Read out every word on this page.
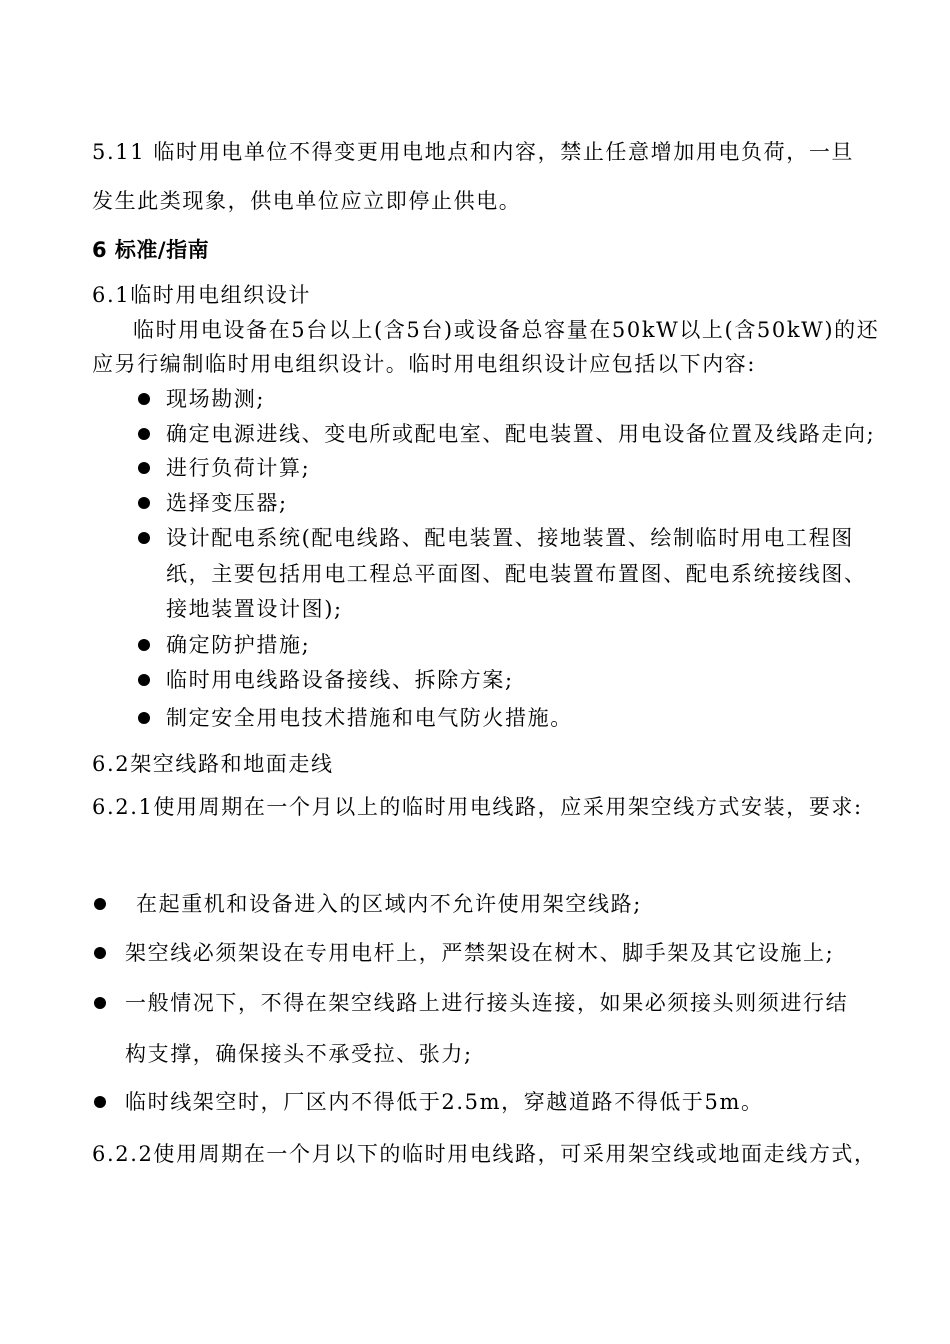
5.11 临时用电单位不得变更用电地点和内容，禁止任意增加用电负荷，一旦
发生此类现象，供电单位应立即停止供电。
6 标准/指南
6.1临时用电组织设计
临时用电设备在5台以上(含5台)或设备总容量在50kW以上(含50kW)的还
应另行编制临时用电组织设计。临时用电组织设计应包括以下内容:
现场勘测;
确定电源进线、变电所或配电室、配电装置、用电设备位置及线路走向;
进行负荷计算;
选择变压器;
设计配电系统(配电线路、配电装置、接地装置、绘制临时用电工程图
纸，主要包括用电工程总平面图、配电装置布置图、配电系统接线图、
接地装置设计图);
确定防护措施;
临时用电线路设备接线、拆除方案;
制定安全用电技术措施和电气防火措施。
6.2架空线路和地面走线
6.2.1使用周期在一个月以上的临时用电线路，应采用架空线方式安装，要求:
在起重机和设备进入的区域内不允许使用架空线路;
架空线必须架设在专用电杆上，严禁架设在树木、脚手架及其它设施上;
一般情况下，不得在架空线路上进行接头连接，如果必须接头则须进行结
构支撑，确保接头不承受拉、张力;
临时线架空时，厂区内不得低于2.5m，穿越道路不得低于5m。
6.2.2使用周期在一个月以下的临时用电线路，可采用架空线或地面走线方式，
